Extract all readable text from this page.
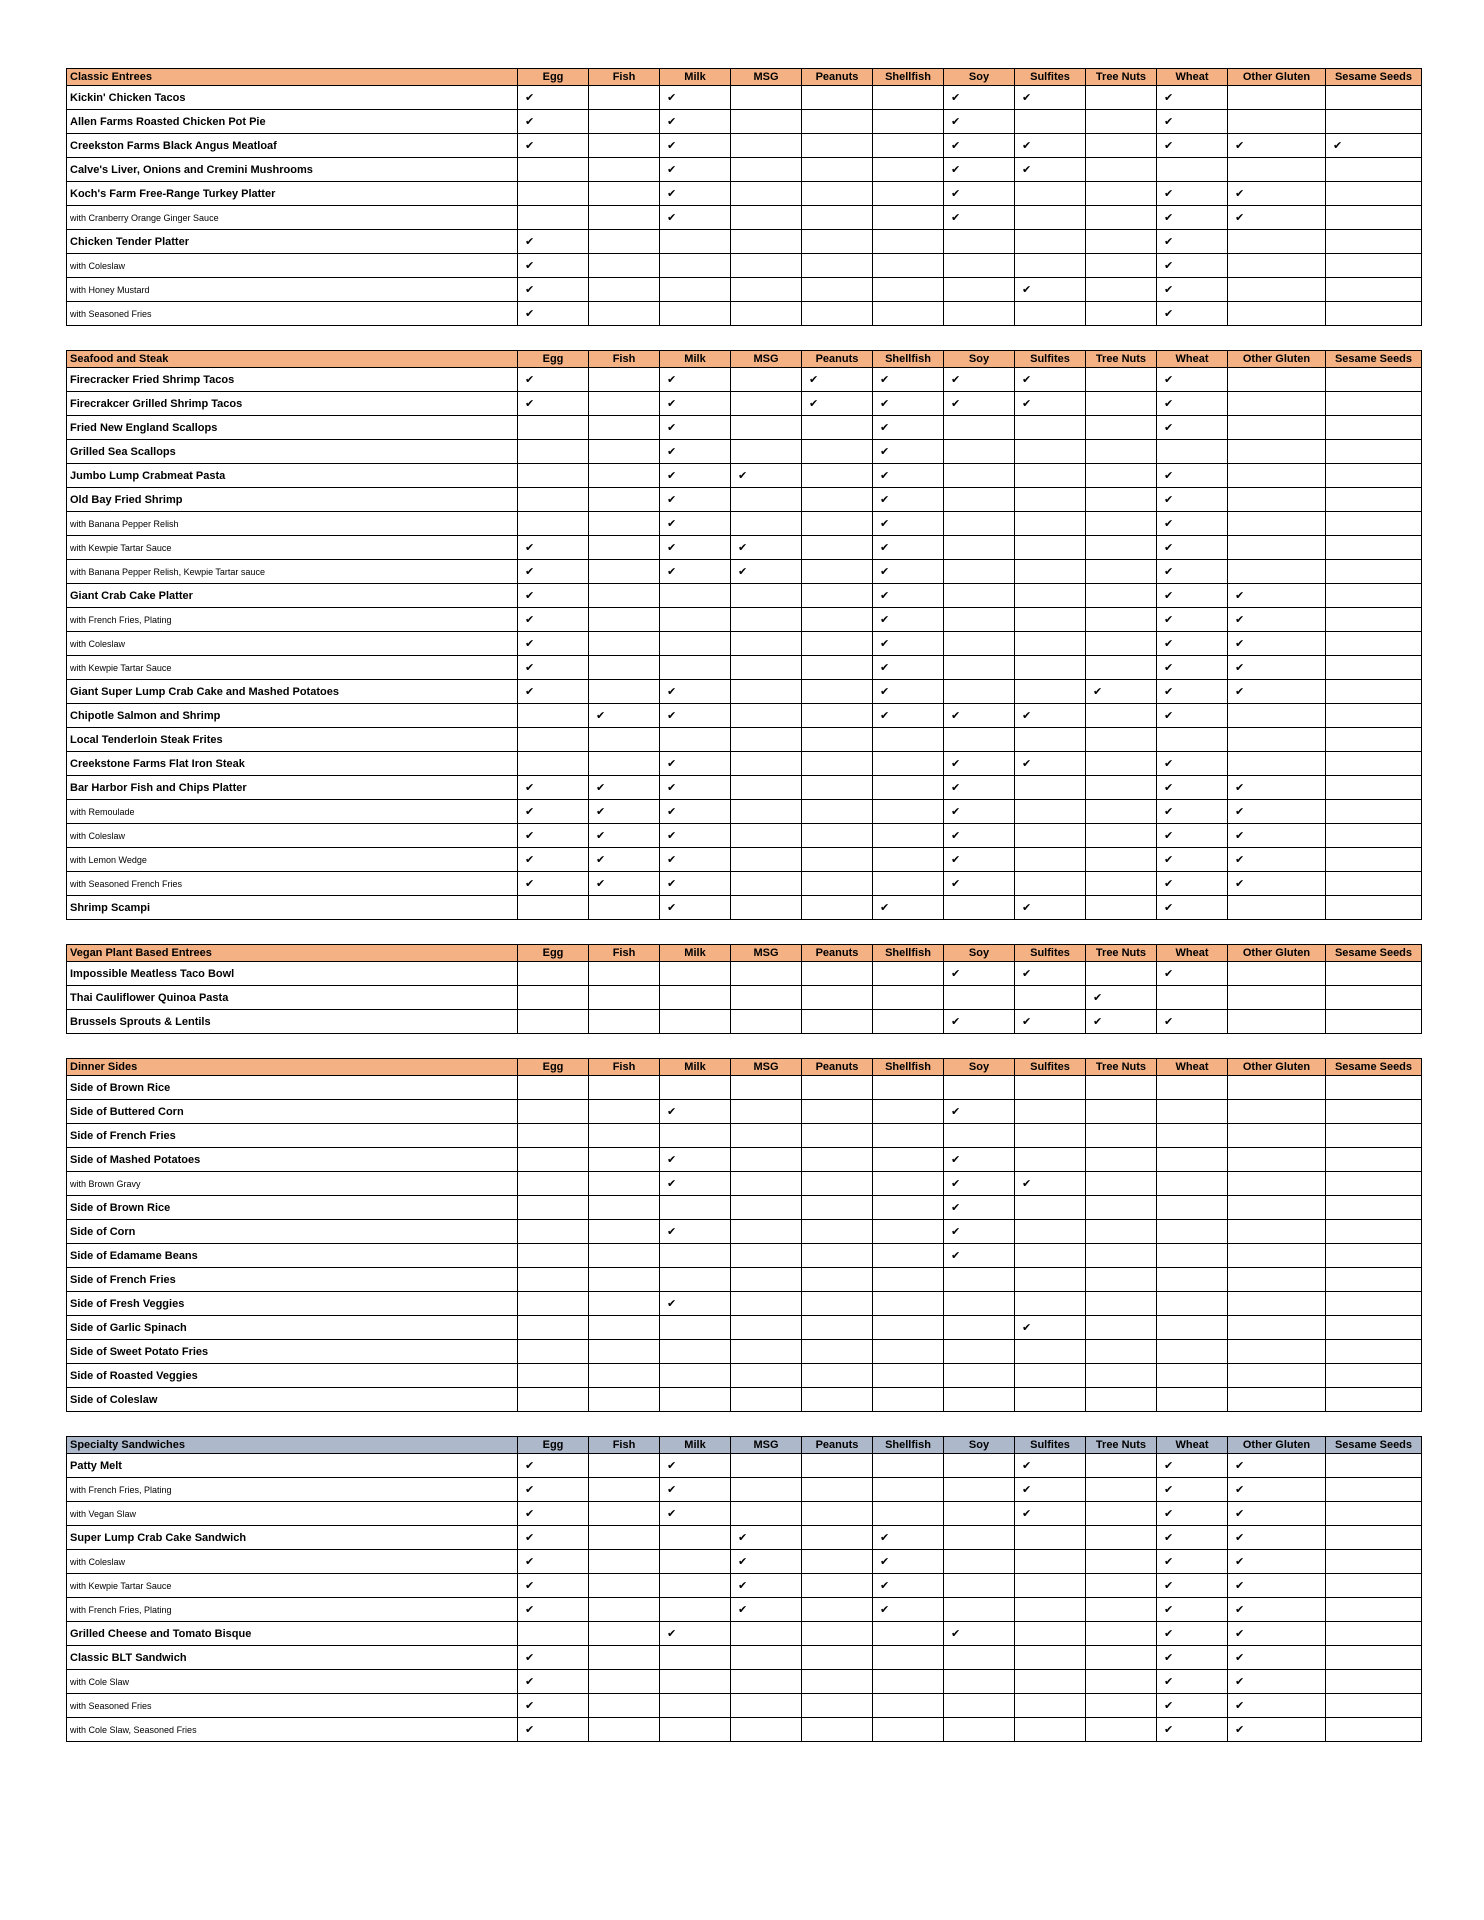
Classic Entrees	Egg	Fish	Milk	MSG	Peanuts	Shellfish	Soy	Sulfites	Tree Nuts	Wheat	Other Gluten	Sesame Seeds
Kickin' Chicken Tacos	✔		✔				✔	✔		✔		
Allen Farms Roasted Chicken Pot Pie	✔		✔				✔			✔		
Creekston Farms Black Angus Meatloaf	✔		✔				✔	✔		✔	✔	✔
Calve's Liver, Onions and Cremini Mushrooms			✔				✔	✔				
Koch's Farm Free-Range Turkey Platter			✔				✔			✔	✔	
with Cranberry Orange Ginger Sauce			✔				✔			✔	✔	
Chicken Tender Platter	✔									✔		
with Coleslaw	✔									✔		
with Honey Mustard	✔							✔		✔		
with Seasoned Fries	✔									✔		
Seafood and Steak	Egg	Fish	Milk	MSG	Peanuts	Shellfish	Soy	Sulfites	Tree Nuts	Wheat	Other Gluten	Sesame Seeds
Firecracker Fried Shrimp Tacos	✔		✔		✔	✔	✔	✔		✔		
Firecrakcer Grilled Shrimp Tacos	✔		✔		✔	✔	✔	✔		✔		
Fried New England Scallops			✔			✔				✔		
Grilled Sea Scallops			✔			✔						
Jumbo Lump Crabmeat Pasta			✔	✔		✔				✔		
Old Bay Fried Shrimp			✔			✔				✔		
with Banana Pepper Relish			✔			✔				✔		
with Kewpie Tartar Sauce	✔		✔	✔		✔				✔		
with Banana Pepper Relish, Kewpie Tartar sauce	✔		✔	✔		✔				✔		
Giant Crab Cake Platter	✔					✔				✔	✔	
with French Fries, Plating	✔					✔				✔	✔	
with Coleslaw	✔					✔				✔	✔	
with Kewpie Tartar Sauce	✔					✔				✔	✔	
Giant Super Lump Crab Cake and Mashed Potatoes	✔		✔			✔			✔	✔	✔	
Chipotle Salmon and Shrimp		✔	✔			✔	✔	✔		✔		
Local Tenderloin Steak Frites												
Creekstone Farms Flat Iron Steak			✔				✔	✔		✔		
Bar Harbor Fish and Chips Platter	✔	✔	✔				✔			✔	✔	
with Remoulade	✔	✔	✔				✔			✔	✔	
with Coleslaw	✔	✔	✔				✔			✔	✔	
with Lemon Wedge	✔	✔	✔				✔			✔	✔	
with Seasoned French Fries	✔	✔	✔				✔			✔	✔	
Shrimp Scampi			✔			✔		✔		✔		
Vegan Plant Based Entrees	Egg	Fish	Milk	MSG	Peanuts	Shellfish	Soy	Sulfites	Tree Nuts	Wheat	Other Gluten	Sesame Seeds
Impossible Meatless Taco Bowl							✔	✔		✔		
Thai Cauliflower Quinoa Pasta									✔			
Brussels Sprouts & Lentils							✔	✔	✔	✔		
Dinner Sides	Egg	Fish	Milk	MSG	Peanuts	Shellfish	Soy	Sulfites	Tree Nuts	Wheat	Other Gluten	Sesame Seeds
Side of Brown Rice												
Side of Buttered Corn			✔				✔					
Side of French Fries												
Side of Mashed Potatoes			✔				✔					
with Brown Gravy			✔				✔	✔				
Side of Brown Rice							✔					
Side of Corn			✔				✔					
Side of Edamame Beans							✔					
Side of French Fries												
Side of Fresh Veggies			✔									
Side of Garlic Spinach								✔				
Side of Sweet Potato Fries												
Side of Roasted Veggies												
Side of Coleslaw												
Specialty Sandwiches	Egg	Fish	Milk	MSG	Peanuts	Shellfish	Soy	Sulfites	Tree Nuts	Wheat	Other Gluten	Sesame Seeds
Patty Melt	✔		✔					✔		✔	✔	
with French Fries, Plating	✔		✔					✔		✔	✔	
with Vegan Slaw	✔		✔					✔		✔	✔	
Super Lump Crab Cake Sandwich	✔			✔		✔				✔	✔	
with Coleslaw	✔			✔		✔				✔	✔	
with Kewpie Tartar Sauce	✔			✔		✔				✔	✔	
with French Fries, Plating	✔			✔		✔				✔	✔	
Grilled Cheese and Tomato Bisque			✔				✔			✔	✔	
Classic BLT Sandwich	✔									✔	✔	
with Cole Slaw	✔									✔	✔	
with Seasoned Fries	✔									✔	✔	
with Cole Slaw, Seasoned Fries	✔									✔	✔	
